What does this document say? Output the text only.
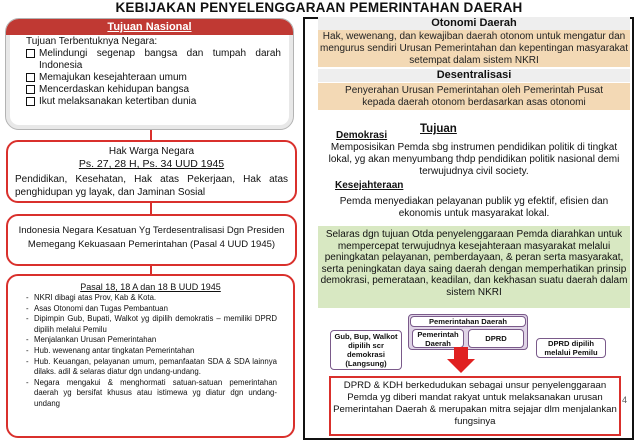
KEBIJAKAN PENYELENGGARAAN PEMERINTAHAN DAERAH
Tujuan Nasional
Tujuan Terbentuknya Negara:
Melindungi segenap bangsa dan tumpah darah Indonesia
Memajukan kesejahteraan umum
Mencerdaskan kehidupan bangsa
Ikut melaksanakan ketertiban dunia
Hak Warga Negara
Ps. 27, 28 H, Ps. 34 UUD 1945
Pendidikan, Kesehatan, Hak atas Pekerjaan, Hak atas penghidupan yg layak, dan Jaminan Sosial
Indonesia Negara Kesatuan Yg Terdesentralisasi Dgn Presiden Memegang Kekuasaan Pemerintahan (Pasal 4 UUD 1945)
Pasal 18, 18 A dan 18 B UUD 1945
- NKRI dibagi atas Prov, Kab & Kota.
- Asas Otonomi dan Tugas Pembantuan
- Dipimpin Gub, Bupati, Walkot yg dipilih demokratis – memiliki DPRD dipilih melalui Pemilu
- Menjalankan Urusan Pemerintahan
- Hub. wewenang antar tingkatan Pemerintahan
- Hub. Keuangan, pelayanan umum, pemanfaatan SDA & SDA lainnya dilaks. adil & selaras diatur dgn undang-undang.
- Negara mengakui & menghormati satuan-satuan pemerintahan daerah yg bersifat khusus atau istimewa yg diatur dgn undang-undang
Otonomi Daerah
Hak, wewenang, dan kewajiban daerah otonom untuk mengatur dan mengurus sendiri Urusan Pemerintahan dan kepentingan masyarakat setempat dalam sistem NKRI
Desentralisasi
Penyerahan Urusan Pemerintahan oleh Pemerintah Pusat kepada daerah otonom berdasarkan asas otonomi
Tujuan
Demokrasi
Memposisikan Pemda sbg instrumen pendidikan politik di tingkat lokal, yg akan menyumbang thdp pendidikan politik nasional demi terwujudnya civil society.
Kesejahteraan
Pemda menyediakan pelayanan publik yg efektif, efisien dan ekonomis untuk masyarakat lokal.
Selaras dgn tujuan Otda penyelenggaraan Pemda diarahkan untuk mempercepat terwujudnya kesejahteraan masyarakat melalui peningkatan pelayanan, pemberdayaan, & peran serta masyarakat, serta peningkatan daya saing daerah dengan memperhatikan prinsip demokrasi, pemerataan, keadilan, dan kekhasan suatu daerah dalam sistem NKRI
Pemerintahan Daerah
Pemerintah Daerah
DPRD
Gub, Bup, Walkot dipilih scr demokrasi (Langsung)
DPRD dipilih melalui Pemilu
DPRD & KDH berkedudukan sebagai unsur penyelenggaraan Pemda yg diberi mandat rakyat untuk melaksanakan urusan Pemerintahan Daerah & merupakan mitra sejajar dlm menjalankan fungsinya
4
